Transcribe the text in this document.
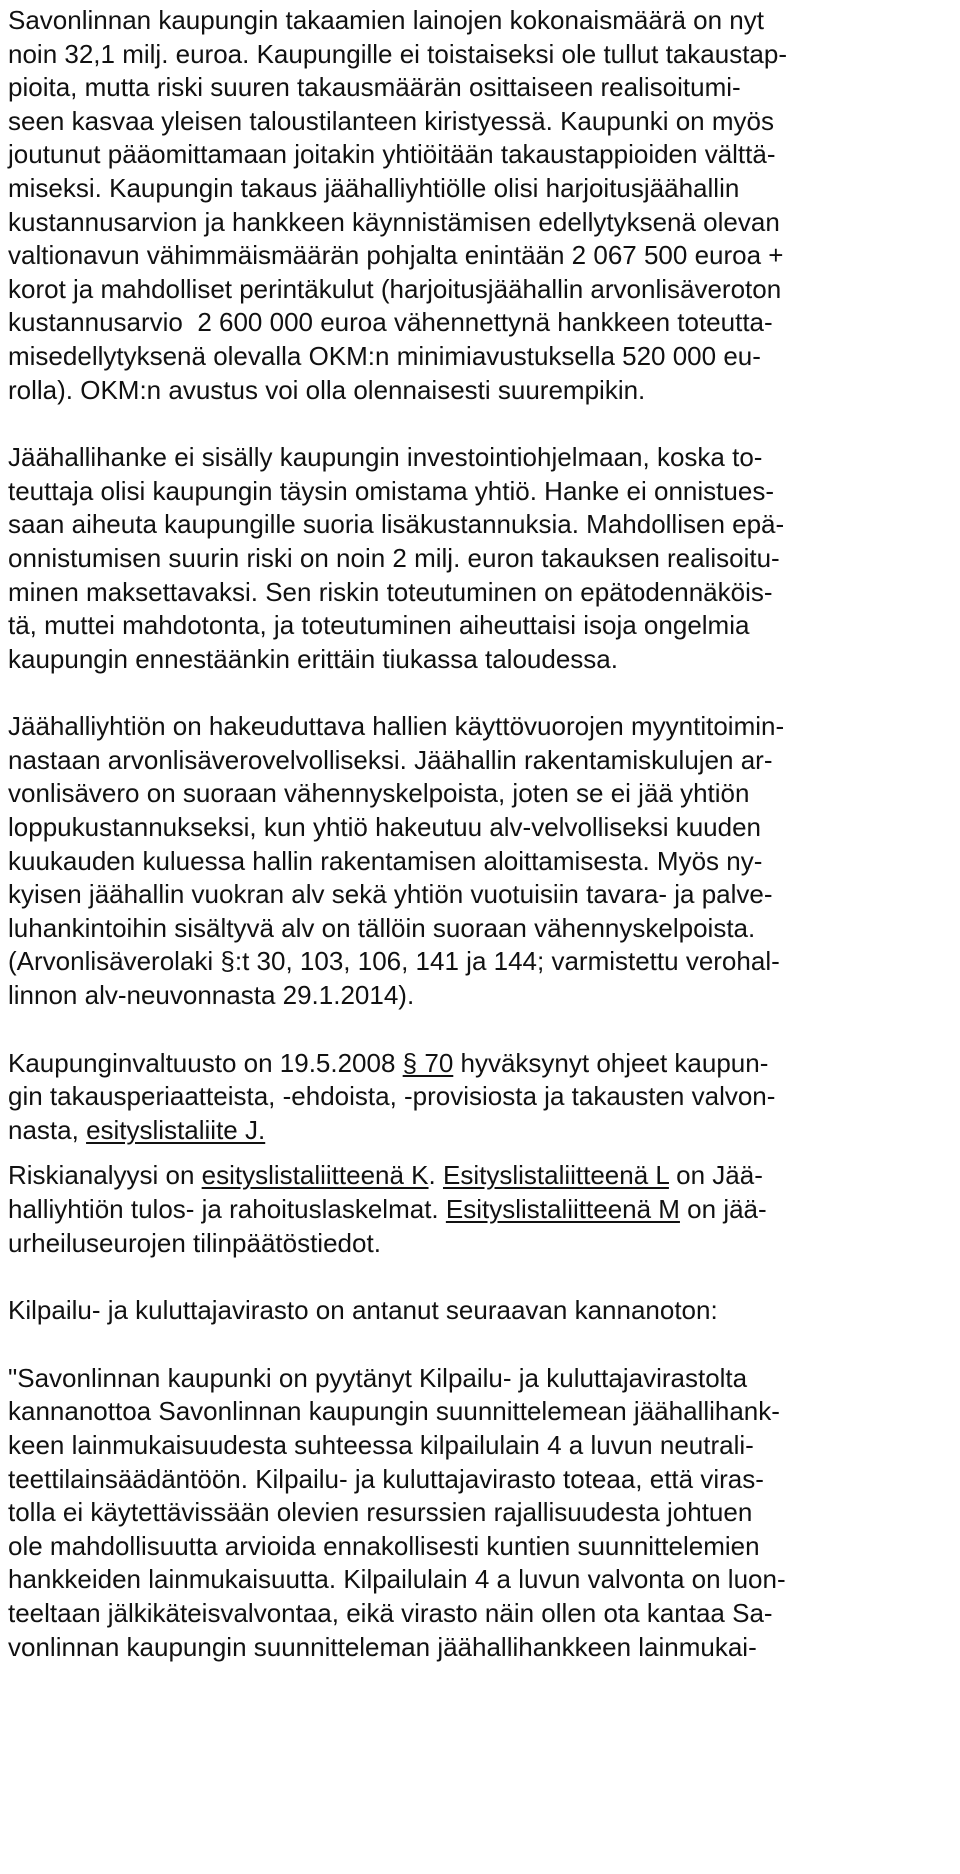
Savonlinnan kaupungin takaamien lainojen kokonaismäärä on nyt
noin 32,1 milj. euroa. Kaupungille ei toistaiseksi ole tullut takaustap-
pioita, mutta riski suuren takausmäärän osittaiseen realisoitumi-
seen kasvaa yleisen taloustilanteen kiristyessä. Kaupunki on myös
joutunut pääomittamaan joitakin yhtiöitään takaustappioiden välttä-
miseksi. Kaupungin takaus jäähalliyhtiölle olisi harjoitusjäähallin
kustannusarvion ja hankkeen käynnistämisen edellytyksenä olevan
valtionavun vähimmäismäärän pohjalta enintään 2 067 500 euroa +
korot ja mahdolliset perintäkulut (harjoitusjäähallin arvonlisäveroton
kustannusarvio  2 600 000 euroa vähennettynä hankkeen toteutta-
misedellytyksenä olevalla OKM:n minimiavustuksella 520 000 eu-
rolla). OKM:n avustus voi olla olennaisesti suurempikin.
Jäähallihanke ei sisälly kaupungin investointiohjelmaan, koska to-
teuttaja olisi kaupungin täysin omistama yhtiö. Hanke ei onnistues-
saan aiheuta kaupungille suoria lisäkustannuksia. Mahdollisen epä-
onnistumisen suurin riski on noin 2 milj. euron takauksen realisoitu-
minen maksettavaksi. Sen riskin toteutuminen on epätodennäköis-
tä, muttei mahdotonta, ja toteutuminen aiheuttaisi isoja ongelmia
kaupungin ennestäänkin erittäin tiukassa taloudessa.
Jäähalliyhtiön on hakeuduttava hallien käyttövuorojen myyntitoimin-
nastaan arvonlisäverovelvolliseksi. Jäähallin rakentamiskulujen ar-
vonlisävero on suoraan vähennyskelpoista, joten se ei jää yhtiön
loppukustannukseksi, kun yhtiö hakeutuu alv-velvolliseksi kuuden
kuukauden kuluessa hallin rakentamisen aloittamisesta. Myös ny-
kyisen jäähallin vuokran alv sekä yhtiön vuotuisiin tavara- ja palve-
luhankintoihin sisältyvä alv on tällöin suoraan vähennyskelpoista.
(Arvonlisäverolaki §:t 30, 103, 106, 141 ja 144; varmistettu verohal-
linnon alv-neuvonnasta 29.1.2014).
Kaupunginvaltuusto on 19.5.2008 § 70 hyväksynyt ohjeet kaupun-
gin takausperiaatteista, -ehdoista, -provisiosta ja takausten valvon-
nasta, esityslistaliite J.
Riskianalyysi on esityslistaliitteenä K. Esityslistaliitteenä L on Jää-
halliyhtiön tulos- ja rahoituslaskelmat. Esityslistaliitteenä M on jää-
urheiluseurojen tilinpäätöstiedot.
Kilpailu- ja kuluttajavirasto on antanut seuraavan kannanoton:
"Savonlinnan kaupunki on pyytänyt Kilpailu- ja kuluttajavirastolta
kannanottoa Savonlinnan kaupungin suunnittelemean jäähallihank-
keen lainmukaisuudesta suhteessa kilpailulain 4 a luvun neutrali-
teettilainsäädäntöön. Kilpailu- ja kuluttajavirasto toteaa, että viras-
tolla ei käytettävissään olevien resurssien rajallisuudesta johtuen
ole mahdollisuutta arvioida ennakollisesti kuntien suunnittelemien
hankkeiden lainmukaisuutta. Kilpailulain 4 a luvun valvonta on luon-
teeltaan jälkikäteisvalvontaa, eikä virasto näin ollen ota kantaa Sa-
vonlinnan kaupungin suunnitteleman jäähallihankkeen lainmukai-
